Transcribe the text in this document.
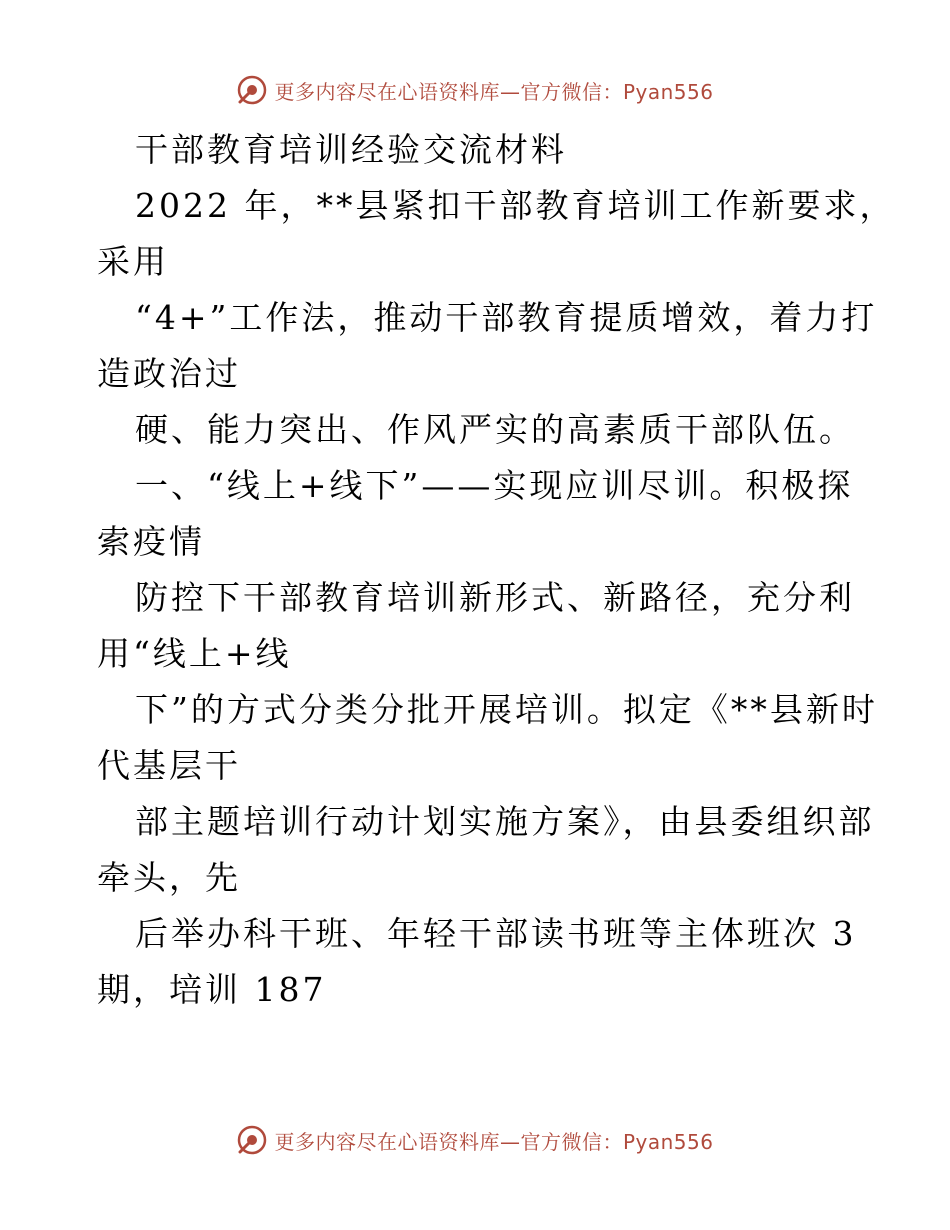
更多内容尽在心语资料库—官方微信：Pyan556
干部教育培训经验交流材料
2022 年，**县紧扣干部教育培训工作新要求，
采用
“4+”工作法，推动干部教育提质增效，着力打
造政治过
硬、能力突出、作风严实的高素质干部队伍。
一、“线上+线下”——实现应训尽训。积极探
索疫情
防控下干部教育培训新形式、新路径，充分利
用“线上+线
下”的方式分类分批开展培训。拟定《**县新时
代基层干
部主题培训行动计划实施方案》，由县委组织部
牵头，先
后举办科干班、年轻干部读书班等主体班次 3
期，培训 187
更多内容尽在心语资料库—官方微信：Pyan556
